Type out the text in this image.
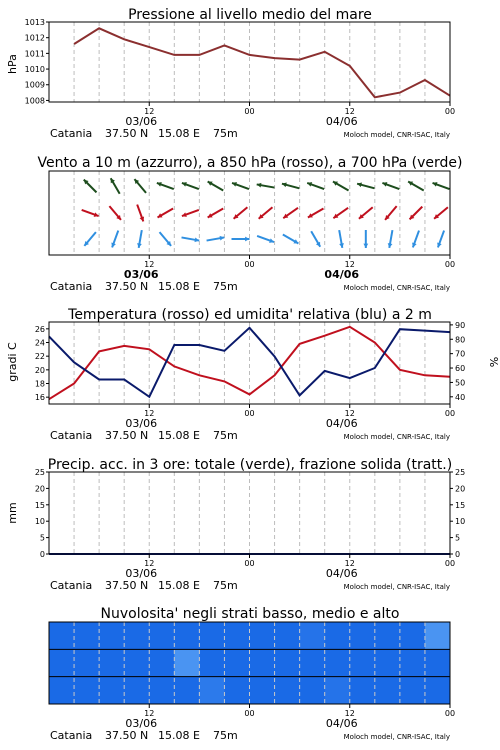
Pressione al livello medio del mare
hPa
1008
1009
1010
1011
1012
1013
12	00	12	00
03/06	04/06
Catania 37.50 N 15.08 E 75m	Moloch model, CNR-ISAC, Italy
Vento a 10 m (azzurro), a 850 hPa (rosso), a 700 hPa (verde)
12	00	12	00
03/06	04/06
Catania 37.50 N 15.08 E 75m	Moloch model, CNR-ISAC, Italy
Temperatura (rosso) ed umidita' relativa (blu) a 2 m
gradi C	%
16
18
20
22
24
26
40
50
60
70
80
90
12	00	12	00
03/06	04/06
Catania 37.50 N 15.08 E 75m	Moloch model, CNR-ISAC, Italy
Precip. acc. in 3 ore: totale (verde), frazione solida (tratt.)
mm
0
5
10
15
20
25
0
5
10
15
20
25
12	00	12	00
03/06	04/06
Catania 37.50 N 15.08 E 75m	Moloch model, CNR-ISAC, Italy
Nuvolosita' negli strati basso, medio e alto
12	00	12	00
03/06	04/06
Catania 37.50 N 15.08 E 75m	Moloch model, CNR-ISAC, Italy
